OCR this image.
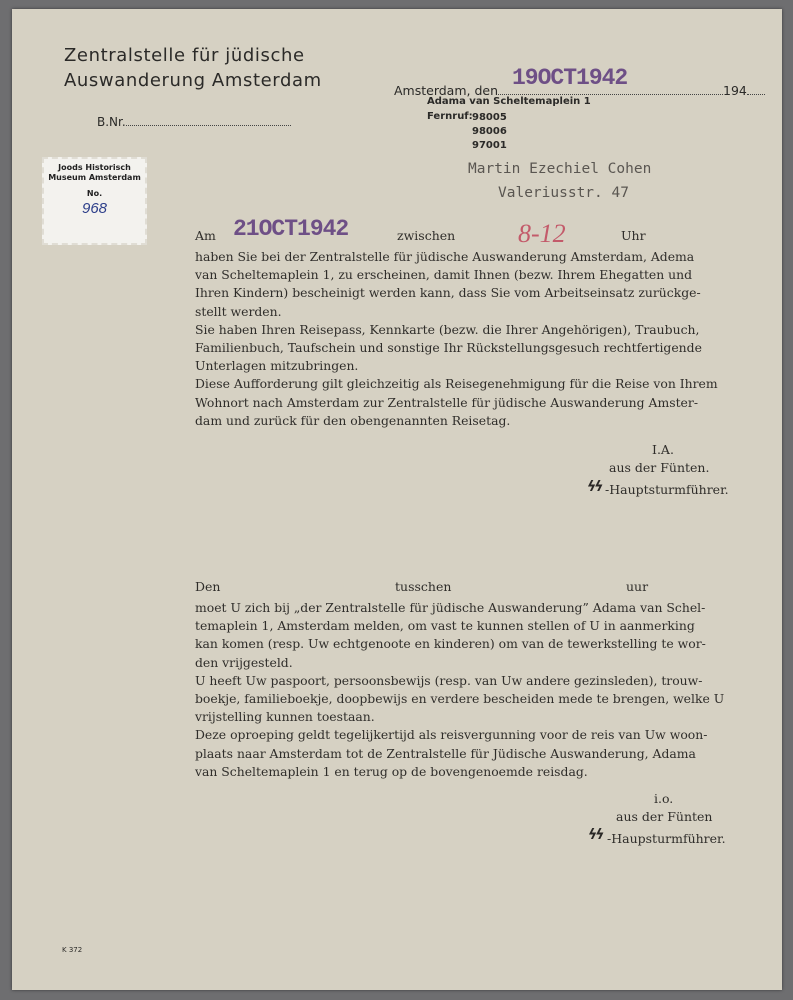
Zentralstelle für jüdische
Auswanderung Amsterdam
B.Nr.
Amsterdam, den	194
19OCT1942
Adama van Scheltemaplein 1
Fernruf: 98005
98006
97001
Joods Historisch
Museum Amsterdam
No.
968
Martin Ezechiel Cohen
Valeriusstr. 47
Am 21OCT1942	zwischen 8-12	Uhr

haben Sie bei der Zentralstelle für jüdische Auswanderung Amsterdam, Adema

van Scheltemaplein 1, zu erscheinen, damit Ihnen (bezw. Ihrem Ehegatten und

Ihren Kindern) bescheinigt werden kann, dass Sie vom Arbeitseinsatz zurückge-

stellt werden.

Sie haben Ihren Reisepass, Kennkarte (bezw. die Ihrer Angehörigen), Traubuch,

Familienbuch, Taufschein und sonstige Ihr Rückstellungsgesuch rechtfertigende

Unterlagen mitzubringen.

Diese Aufforderung gilt gleichzeitig als Reisegenehmigung für die Reise von Ihrem

Wohnort nach Amsterdam zur Zentralstelle für jüdische Auswanderung Amster-

dam und zurück für den obengenannten Reisetag.

I.A.
aus der Fünten.
ϟϟ -Hauptsturmführer.
Den	tusschen	uur

moet U zich bij „der Zentralstelle für jüdische Auswanderung” Adama van Schel-

temaplein 1, Amsterdam melden, om vast te kunnen stellen of U in aanmerking

kan komen (resp. Uw echtgenoote en kinderen) om van de tewerkstelling te wor-

den vrijgesteld.

U heeft Uw paspoort, persoonsbewijs (resp. van Uw andere gezinsleden), trouw-

boekje, familieboekje, doopbewijs en verdere bescheiden mede te brengen, welke U

vrijstelling kunnen toestaan.

Deze oproeping geldt tegelijkertijd als reisvergunning voor de reis van Uw woon-

plaats naar Amsterdam tot de Zentralstelle für Jüdische Auswanderung, Adama

van Scheltemaplein 1 en terug op de bovengenoemde reisdag.

i.o.
aus der Fünten
ϟϟ -Haupsturmführer.
K 372
